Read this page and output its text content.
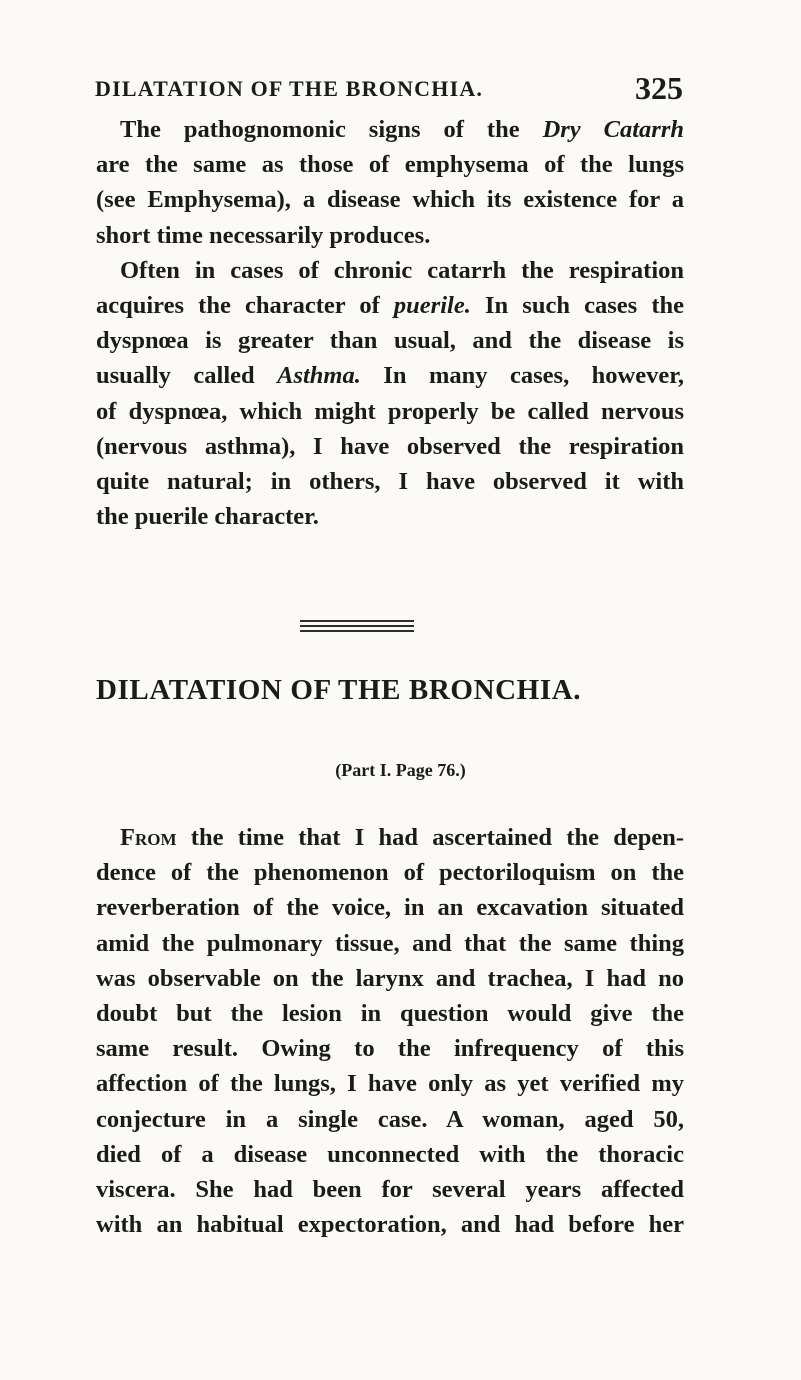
DILATATION OF THE BRONCHIA.	325
The pathognomonic signs of the Dry Catarrh
are the same as those of emphysema of the lungs
(see Emphysema), a disease which its existence for a
short time necessarily produces.
Often in cases of chronic catarrh the respiration
acquires the character of puerile. In such cases the
dyspnœa is greater than usual, and the disease is
usually called Asthma. In many cases, however,
of dyspnœa, which might properly be called nervous
(nervous asthma), I have observed the respiration
quite natural; in others, I have observed it with
the puerile character.
DILATATION OF THE BRONCHIA.
(Part I. Page 76.)
From the time that I had ascertained the depen-
dence of the phenomenon of pectoriloquism on the
reverberation of the voice, in an excavation situated
amid the pulmonary tissue, and that the same thing
was observable on the larynx and trachea, I had no
doubt but the lesion in question would give the
same result. Owing to the infrequency of this
affection of the lungs, I have only as yet verified my
conjecture in a single case. A woman, aged 50,
died of a disease unconnected with the thoracic
viscera. She had been for several years affected
with an habitual expectoration, and had before her
